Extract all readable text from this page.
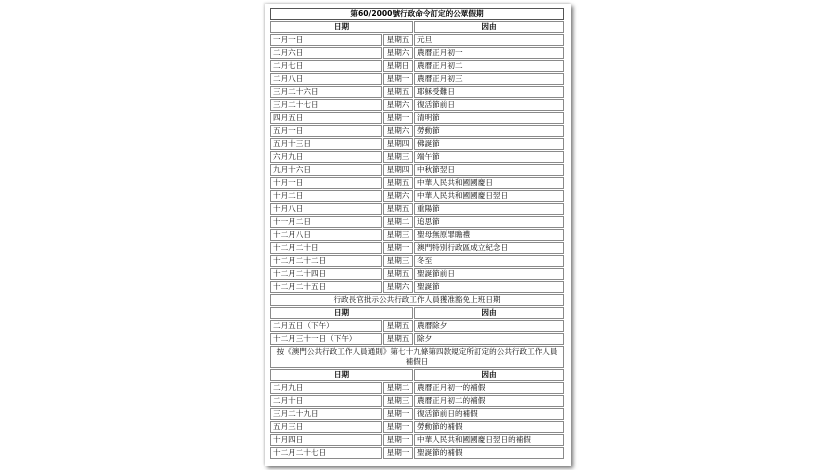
第60/2000號行政命令訂定的公眾假期		
日期		因由
一月一日	星期五	元旦
二月六日	星期六	農曆正月初一
二月七日	星期日	農曆正月初二
二月八日	星期一	農曆正月初三
三月二十六日	星期五	耶穌受難日
三月二十七日	星期六	復活節前日
四月五日	星期一	清明節
五月一日	星期六	勞動節
五月十三日	星期四	佛誕節
六月九日	星期三	端午節
九月十六日	星期四	中秋節翌日
十月一日	星期五	中華人民共和國國慶日
十月二日	星期六	中華人民共和國國慶日翌日
十月八日	星期五	重陽節
十一月二日	星期二	追思節
十二月八日	星期三	聖母無原罪瞻禮
十二月二十日	星期一	澳門特別行政區成立紀念日
十二月二十二日	星期三	冬至
十二月二十四日	星期五	聖誕節前日
十二月二十五日	星期六	聖誕節
行政長官批示公共行政工作人員獲准豁免上班日期		
日期		因由
二月五日（下午）	星期五	農曆除夕
十二月三十一日（下午）	星期五	除夕
按《澳門公共行政工作人員通則》第七十九條第四款規定所訂定的公共行政工作人員補假日		
日期		因由
二月九日	星期二	農曆正月初一的補假
二月十日	星期三	農曆正月初二的補假
三月二十九日	星期一	復活節前日的補假
五月三日	星期一	勞動節的補假
十月四日	星期一	中華人民共和國國慶日翌日的補假
十二月二十七日	星期一	聖誕節的補假
